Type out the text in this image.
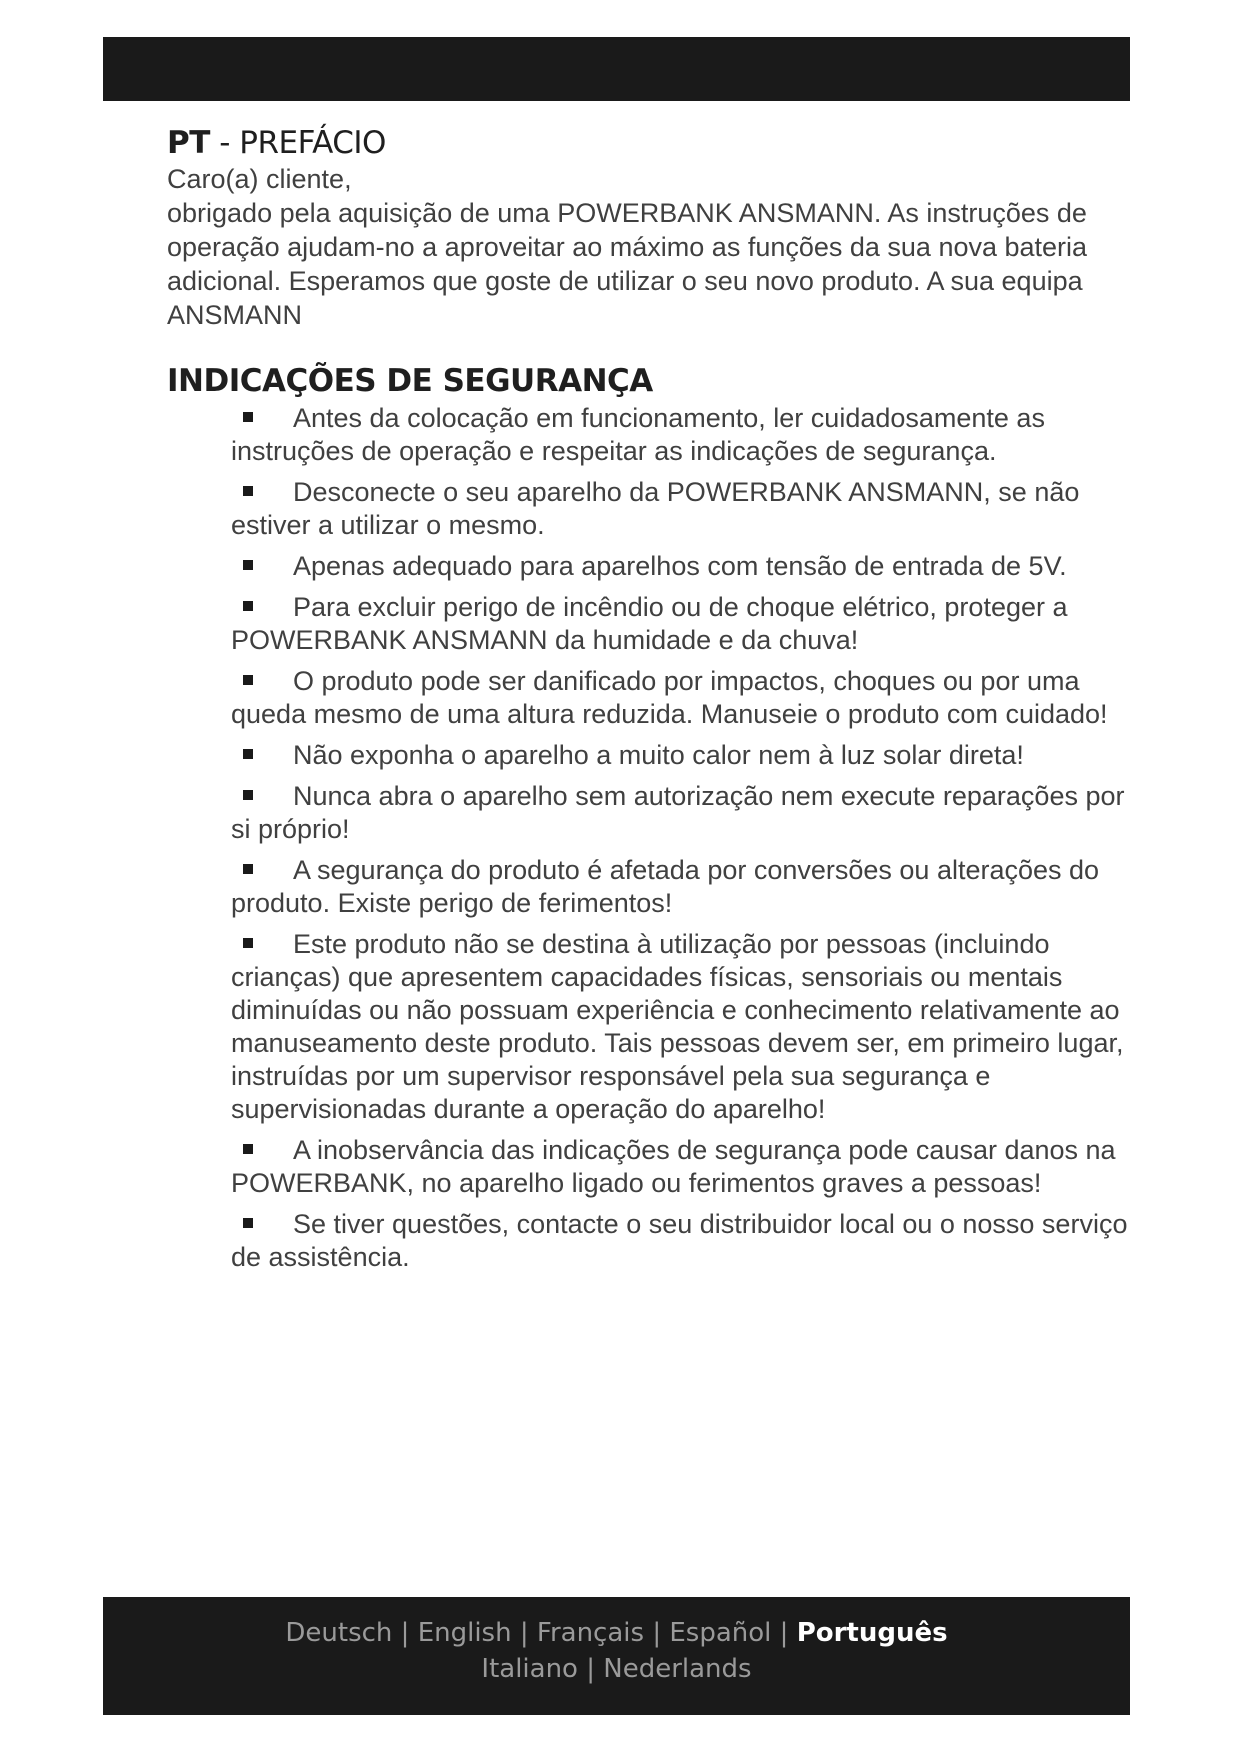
PT - PREFÁCIO

Caro(a) cliente,

obrigado pela aquisição de uma POWERBANK ANSMANN. As instruções de operação ajudam-no a aproveitar ao máximo as funções da sua nova bateria adicional. Esperamos que goste de utilizar o seu novo produto. A sua equipa ANSMANN

INDICAÇÕES DE SEGURANÇA
Antes da colocação em funcionamento, ler cuidadosamente as instruções de operação e respeitar as indicações de segurança.
Desconecte o seu aparelho da POWERBANK ANSMANN, se não estiver a utilizar o mesmo.
Apenas adequado para aparelhos com tensão de entrada de 5V.
Para excluir perigo de incêndio ou de choque elétrico, proteger a POWERBANK ANSMANN da humidade e da chuva!
O produto pode ser danificado por impactos, choques ou por uma queda mesmo de uma altura reduzida. Manuseie o produto com cuidado!
Não exponha o aparelho a muito calor nem à luz solar direta!
Nunca abra o aparelho sem autorização nem execute reparações por si próprio!
A segurança do produto é afetada por conversões ou alterações do produto. Existe perigo de ferimentos!
Este produto não se destina à utilização por pessoas (incluindo crianças) que apresentem capacidades físicas, sensoriais ou mentais diminuídas ou não possuam experiência e conhecimento relativamente ao manuseamento deste produto. Tais pessoas devem ser, em primeiro lugar, instruídas por um supervisor responsável pela sua segurança e supervisionadas durante a operação do aparelho!
A inobservância das indicações de segurança pode causar danos na POWERBANK, no aparelho ligado ou ferimentos graves a pessoas!
Se tiver questões, contacte o seu distribuidor local ou o nosso serviço de assistência.
Deutsch | English | Français | Español | Português
Italiano | Nederlands
